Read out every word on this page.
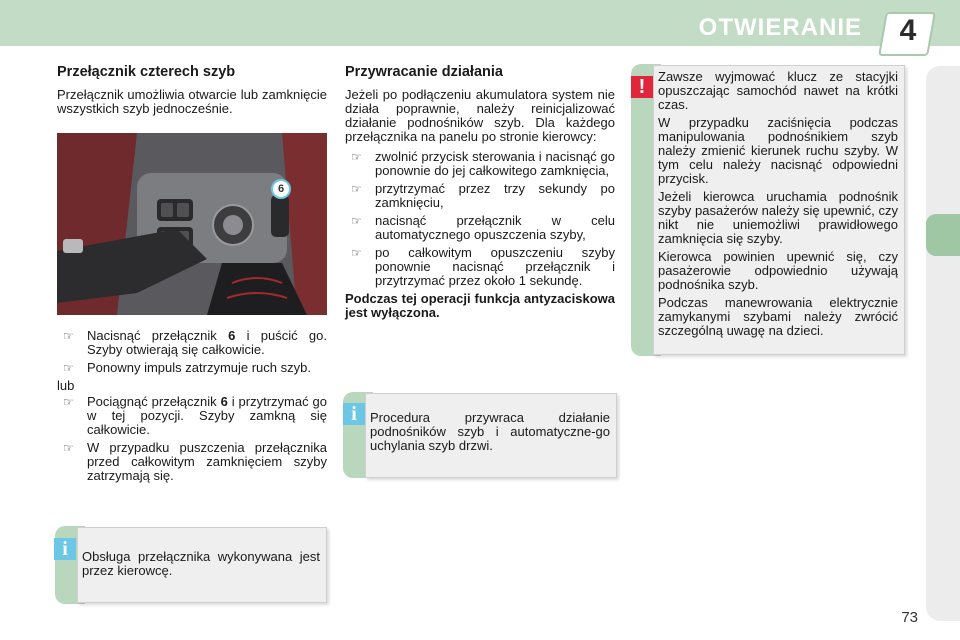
OTWIERANIE 4
Przełącznik czterech szyb

Przełącznik umożliwia otwarcie lub zamknięcie wszystkich szyb jednocześnie.

6
☞ Nacisnąć przełącznik 6 i puścić go. Szyby otwierają się całkowicie.
☞ Ponowny impuls zatrzymuje ruch szyb.

lub

☞ Pociągnąć przełącznik 6 i przytrzymać go w tej pozycji. Szyby zamkną się całkowicie.
☞ W przypadku puszczenia przełącznika przed całkowitym zamknięciem szyby zatrzymają się.
i	Obsługa przełącznika wykonywana jest przez kierowcę.
Przywracanie działania

Jeżeli po podłączeniu akumulatora system nie działa poprawnie, należy reinicjalizować działanie podnośników szyb. Dla każdego przełącznika na panelu po stronie kierowcy:

☞ zwolnić przycisk sterowania i nacisnąć go ponownie do jej całkowitego zamknięcia,
☞ przytrzymać przez trzy sekundy po zamknięciu,
☞ nacisnąć przełącznik w celu automatycznego opuszczenia szyby,
☞ po całkowitym opuszczeniu szyby ponownie nacisnąć przełącznik i przytrzymać przez około 1 sekundę.

Podczas tej operacji funkcja antyzaciskowa jest wyłączona.

i	Procedura przywraca działanie podnośników szyb i automatyczne-go uchylania szyb drzwi.
! Zawsze wyjmować klucz ze stacyjki opuszczając samochód nawet na krótki czas.

W przypadku zaciśnięcia podczas manipulowania podnośnikiem szyb należy zmienić kierunek ruchu szyby. W tym celu należy nacisnąć odpowiedni przycisk.

Jeżeli kierowca uruchamia podnośnik szyby pasażerów należy się upewnić, czy nikt nie uniemożliwi prawidłowego zamknięcia się szyby.

Kierowca powinien upewnić się, czy pasażerowie odpowiednio używają podnośnika szyb.

Podczas manewrowania elektrycznie zamykanymi szybami należy zwrócić szczególną uwagę na dzieci.

73
